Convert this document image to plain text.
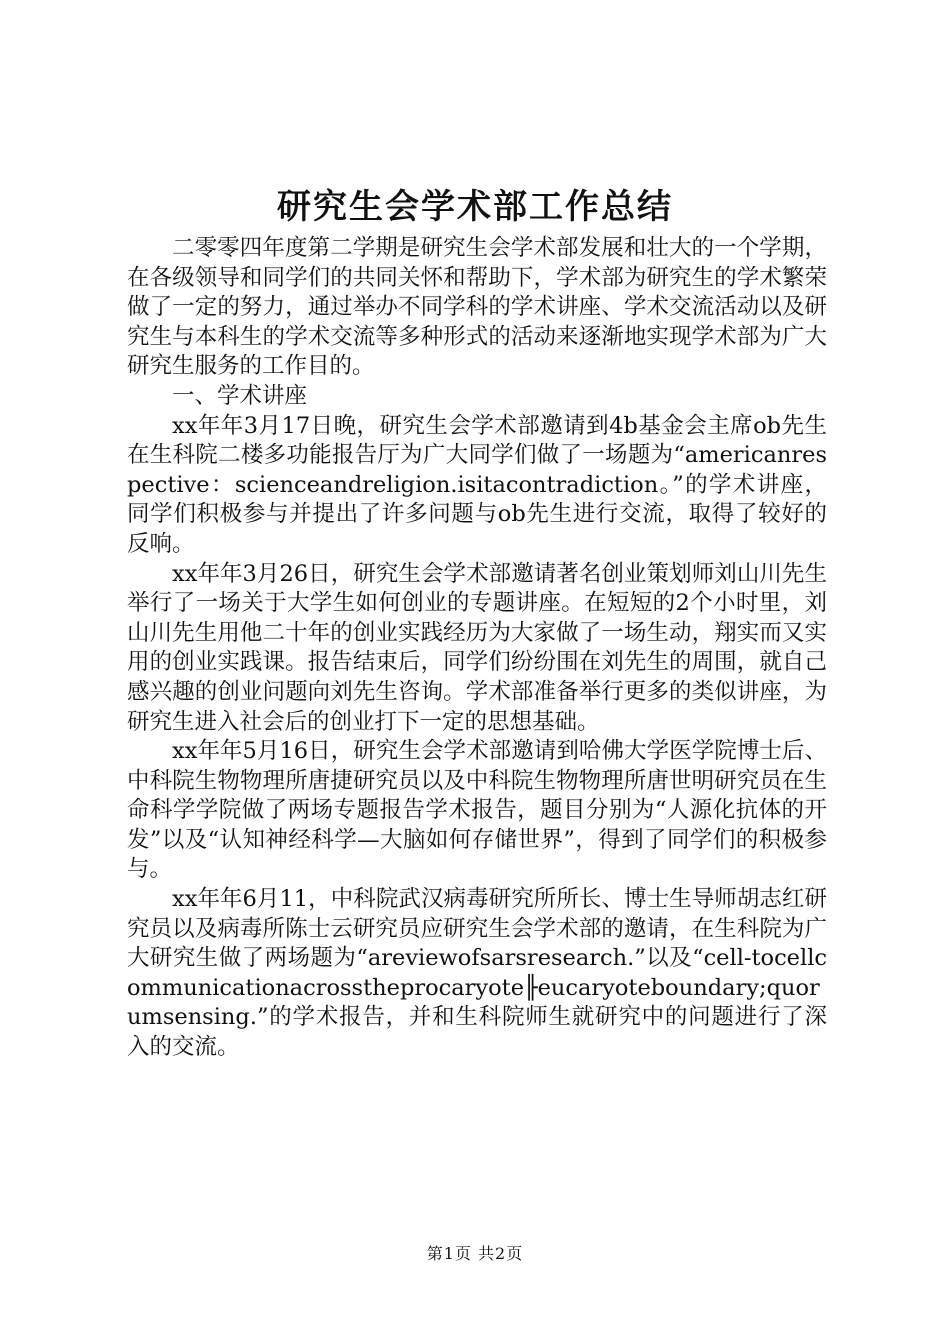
研究生会学术部工作总结

二零零四年度第二学期是研究生会学术部发展和壮大的一个学期，在各级领导和同学们的共同关怀和帮助下，学术部为研究生的学术繁荣做了一定的努力，通过举办不同学科的学术讲座、学术交流活动以及研究生与本科生的学术交流等多种形式的活动来逐渐地实现学术部为广大研究生服务的工作目的。

一、学术讲座

xx年年3月17日晚，研究生会学术部邀请到4b基金会主席ob先生在生科院二楼多功能报告厅为广大同学们做了一场题为“americanrespective：scienceandreligion.isitacontradiction。”的学术讲座，同学们积极参与并提出了许多问题与ob先生进行交流，取得了较好的反响。

xx年年3月26日，研究生会学术部邀请著名创业策划师刘山川先生举行了一场关于大学生如何创业的专题讲座。在短短的2个小时里，刘山川先生用他二十年的创业实践经历为大家做了一场生动，翔实而又实用的创业实践课。报告结束后，同学们纷纷围在刘先生的周围，就自己感兴趣的创业问题向刘先生咨询。学术部准备举行更多的类似讲座，为研究生进入社会后的创业打下一定的思想基础。

xx年年5月16日，研究生会学术部邀请到哈佛大学医学院博士后、中科院生物物理所唐捷研究员以及中科院生物物理所唐世明研究员在生命科学学院做了两场专题报告学术报告，题目分别为“人源化抗体的开发”以及“认知神经科学—大脑如何存储世界”，得到了同学们的积极参与。

xx年年6月11，中科院武汉病毒研究所所长、博士生导师胡志红研究员以及病毒所陈士云研究员应研究生会学术部的邀请，在生科院为广大研究生做了两场题为“areviewofsarsresearch.”以及“cell-tocellcommunicationacrosstheprocaryote╟eucaryoteboundary;quorumsensing.”的学术报告，并和生科院师生就研究中的问题进行了深入的交流。

第1页 共2页
